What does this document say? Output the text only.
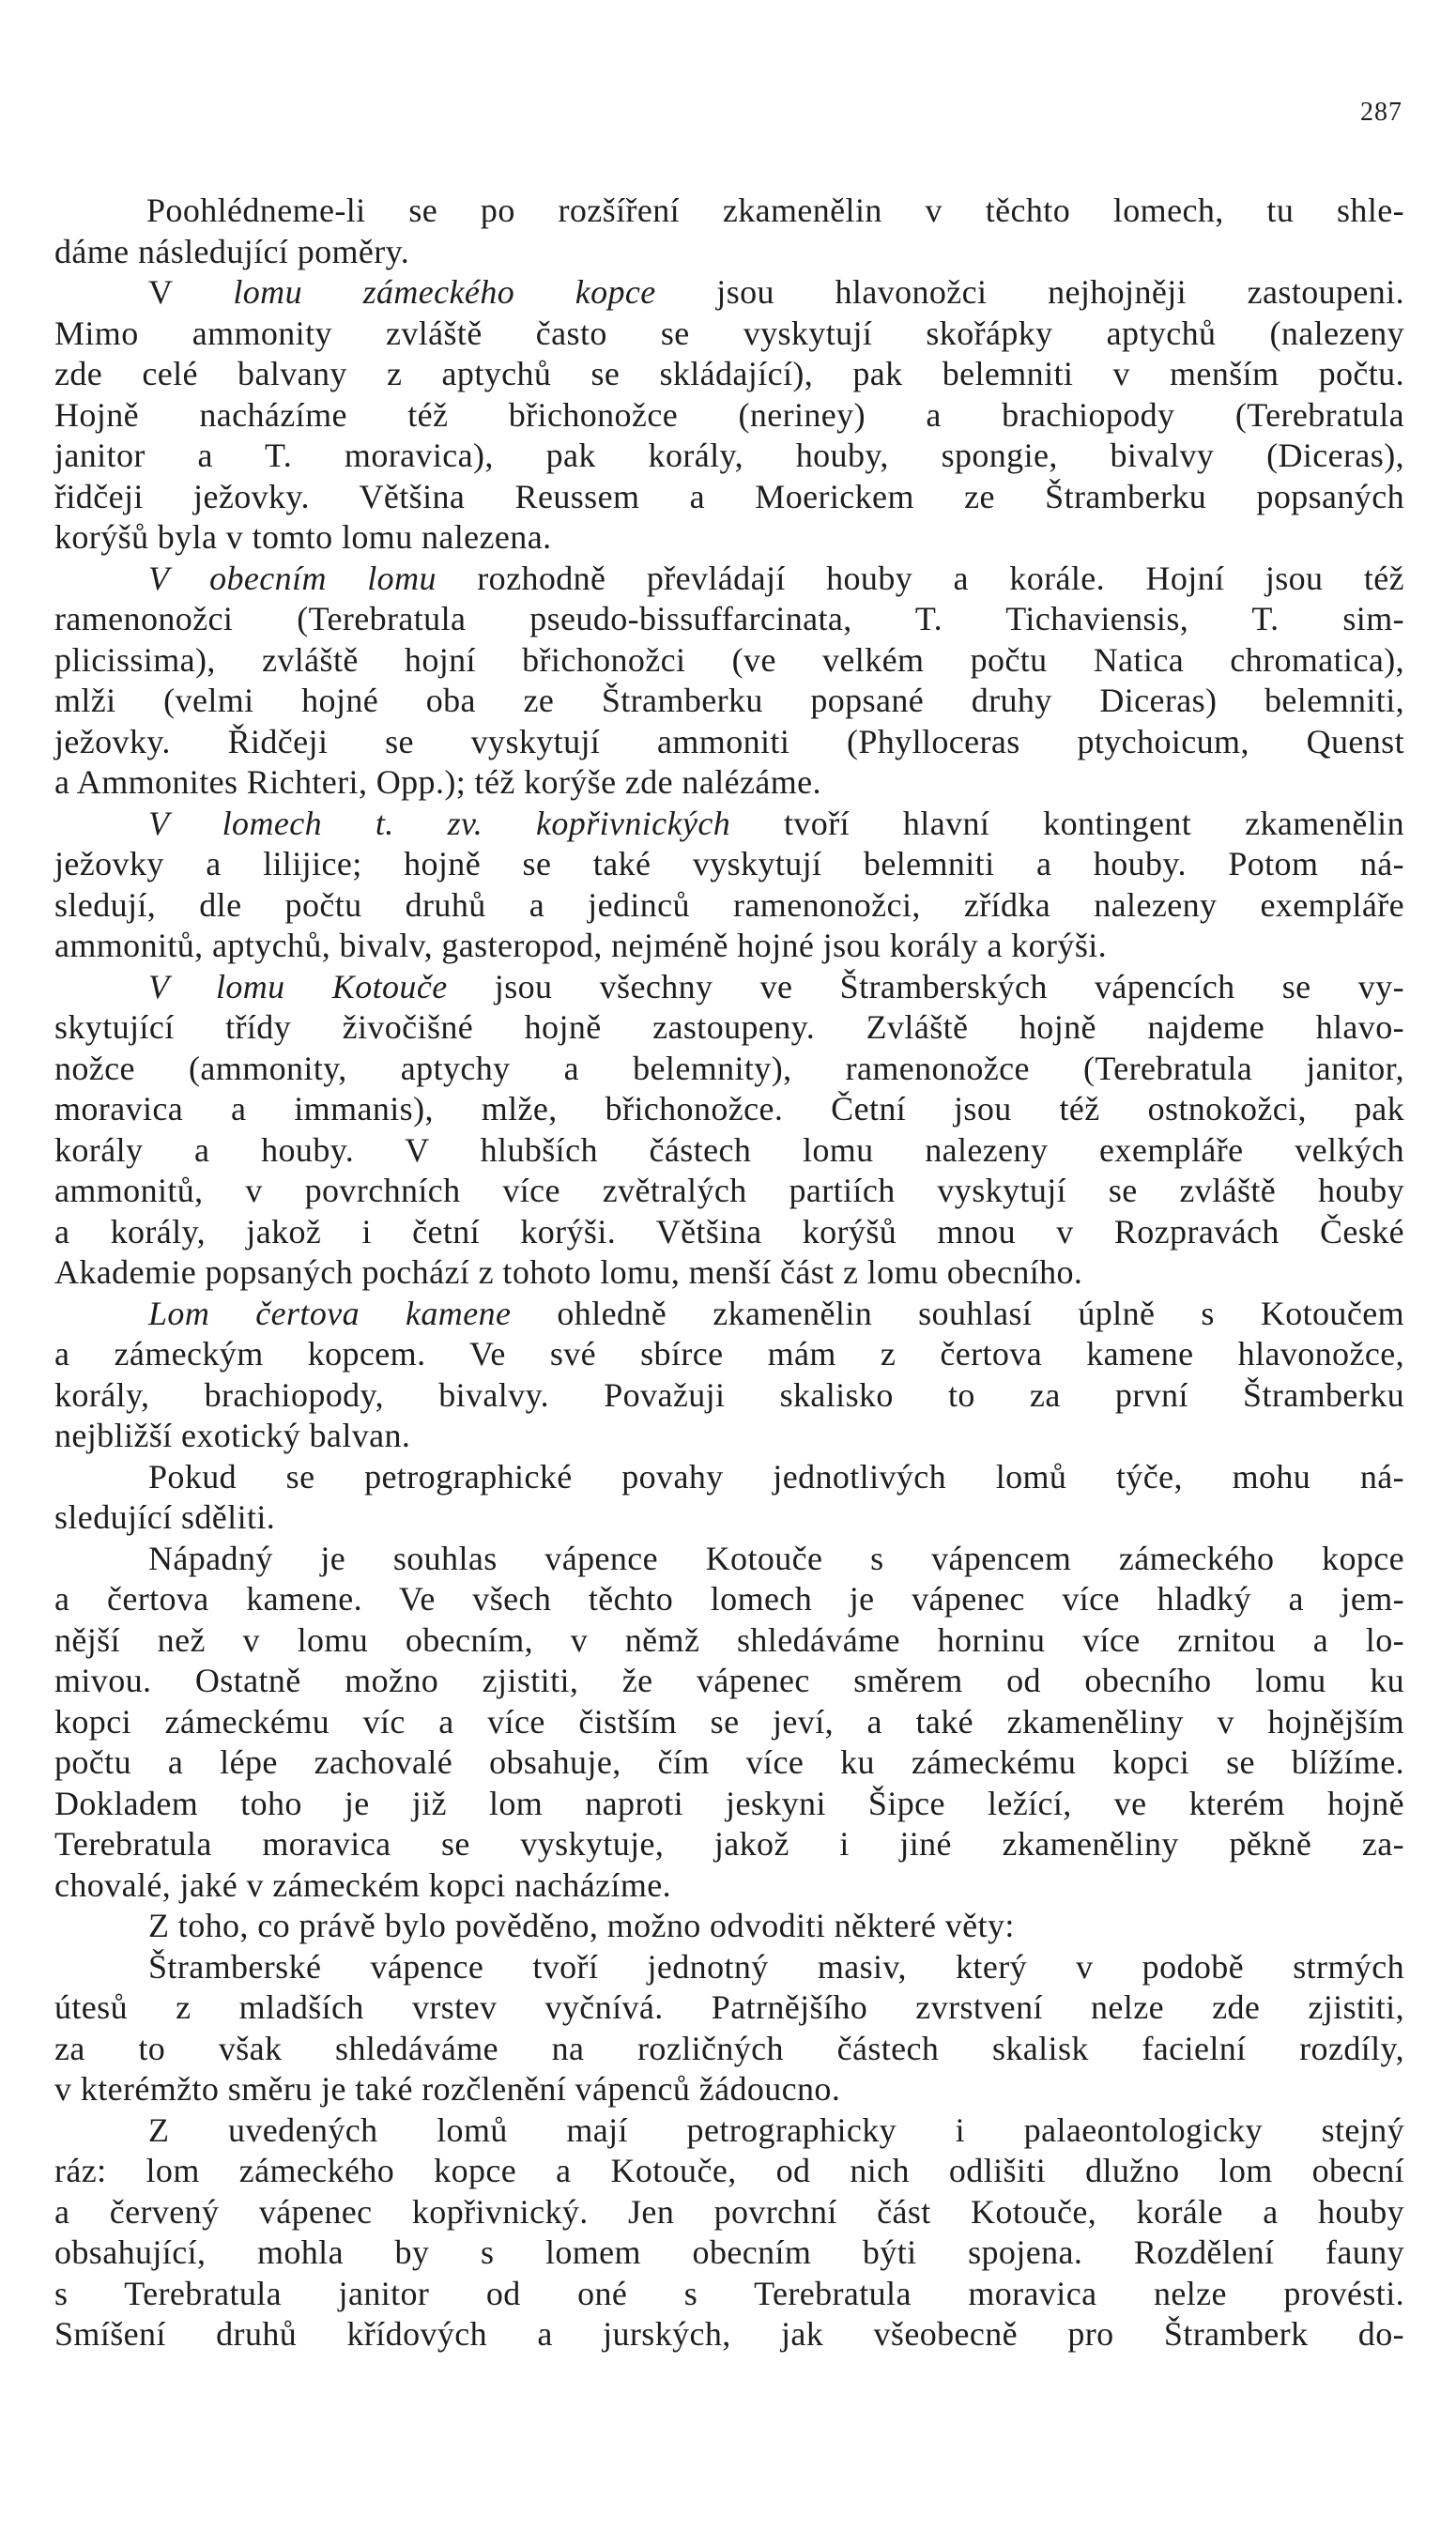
287
Poohlédneme-li se po rozšíření zkamenělin v těchto lomech, tu shle-
dáme následující poměry.
V lomu zámeckého kopce jsou hlavonožci nejhojněji zastoupeni.
Mimo ammonity zvláště často se vyskytují skořápky aptychů (nalezeny
zde celé balvany z aptychů se skládající), pak belemniti v menším počtu.
Hojně nacházíme též břichonožce (neriney) a brachiopody (Terebratula
janitor a T. moravica), pak korály, houby, spongie, bivalvy (Diceras),
řidčeji ježovky. Většina Reussem a Moerickem ze Štramberku popsaných
korýšů byla v tomto lomu nalezena.
V obecním lomu rozhodně převládají houby a korále. Hojní jsou též
ramenonožci (Terebratula pseudo-bissuffarcinata, T. Tichaviensis, T. sim-
plicissima), zvláště hojní břichonožci (ve velkém počtu Natica chromatica),
mlži (velmi hojné oba ze Štramberku popsané druhy Diceras) belemniti,
ježovky. Řidčeji se vyskytují ammoniti (Phylloceras ptychoicum, Quenst
a Ammonites Richteri, Opp.); též korýše zde nalézáme.
V lomech t. zv. kopřivnických tvoří hlavní kontingent zkamenělin
ježovky a lilijice; hojně se také vyskytují belemniti a houby. Potom ná-
sledují, dle počtu druhů a jedinců ramenonožci, zřídka nalezeny exempláře
ammonitů, aptychů, bivalv, gasteropod, nejméně hojné jsou korály a korýši.
V lomu Kotouče jsou všechny ve Štramberských vápencích se vy-
skytující třídy živočišné hojně zastoupeny. Zvláště hojně najdeme hlavo-
nožce (ammonity, aptychy a belemnity), ramenonožce (Terebratula janitor,
moravica a immanis), mlže, břichonožce. Četní jsou též ostnokožci, pak
korály a houby. V hlubších částech lomu nalezeny exempláře velkých
ammonitů, v povrchních více zvětralých partiích vyskytují se zvláště houby
a korály, jakož i četní korýši. Většina korýšů mnou v Rozpravách České
Akademie popsaných pochází z tohoto lomu, menší část z lomu obecního.
Lom čertova kamene ohledně zkamenělin souhlasí úplně s Kotoučem
a zámeckým kopcem. Ve své sbírce mám z čertova kamene hlavonožce,
korály, brachiopody, bivalvy. Považuji skalisko to za první Štramberku
nejbližší exotický balvan.
Pokud se petrographické povahy jednotlivých lomů týče, mohu ná-
sledující sděliti.
Nápadný je souhlas vápence Kotouče s vápencem zámeckého kopce
a čertova kamene. Ve všech těchto lomech je vápenec více hladký a jem-
nější než v lomu obecním, v němž shledáváme horninu více zrnitou a lo-
mivou. Ostatně možno zjistiti, že vápenec směrem od obecního lomu ku
kopci zámeckému víc a více čistším se jeví, a také zkameněliny v hojnějším
počtu a lépe zachovalé obsahuje, čím více ku zámeckému kopci se blížíme.
Dokladem toho je již lom naproti jeskyni Šipce ležící, ve kterém hojně
Terebratula moravica se vyskytuje, jakož i jiné zkameněliny pěkně za-
chovalé, jaké v zámeckém kopci nacházíme.
Z toho, co právě bylo pověděno, možno odvoditi některé věty:
Štramberské vápence tvoří jednotný masiv, který v podobě strmých
útesů z mladších vrstev vyčnívá. Patrnějšího zvrstvení nelze zde zjistiti,
za to však shledáváme na rozličných částech skalisk facielní rozdíly,
v kterémžto směru je také rozčlenění vápenců žádoucno.
Z uvedených lomů mají petrographicky i palaeontologicky stejný
ráz: lom zámeckého kopce a Kotouče, od nich odlišiti dlužno lom obecní
a červený vápenec kopřivnický. Jen povrchní část Kotouče, korále a houby
obsahující, mohla by s lomem obecním býti spojena. Rozdělení fauny
s Terebratula janitor od oné s Terebratula moravica nelze provésti.
Smíšení druhů křídových a jurských, jak všeobecně pro Štramberk do-
